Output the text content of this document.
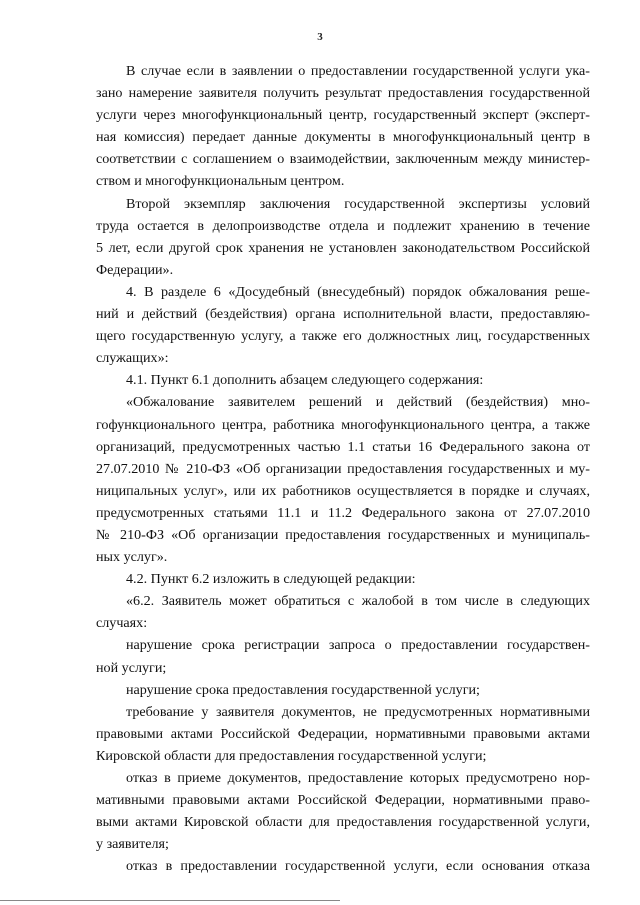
3
В случае если в заявлении о предоставлении государственной услуги ука-
зано намерение заявителя получить результат предоставления государственной
услуги через многофункциональный центр, государственный эксперт (эксперт-
ная комиссия) передает данные документы в многофункциональный центр в
соответствии с соглашением о взаимодействии, заключенным между министер-
ством и многофункциональным центром.
Второй экземпляр заключения государственной экспертизы условий
труда остается в делопроизводстве отдела и подлежит хранению в течение
5 лет, если другой срок хранения не установлен законодательством Российской
Федерации».
4. В разделе 6 «Досудебный (внесудебный) порядок обжалования реше-
ний и действий (бездействия) органа исполнительной власти, предоставляю-
щего государственную услугу, а также его должностных лиц, государственных
служащих»:
4.1. Пункт 6.1 дополнить абзацем следующего содержания:
«Обжалование заявителем решений и действий (бездействия) мно-
гофункционального центра, работника многофункционального центра, а также
организаций, предусмотренных частью 1.1 статьи 16 Федерального закона от
27.07.2010 № 210-ФЗ «Об организации предоставления государственных и му-
ниципальных услуг», или их работников осуществляется в порядке и случаях,
предусмотренных статьями 11.1 и 11.2 Федерального закона от 27.07.2010
№ 210-ФЗ «Об организации предоставления государственных и муниципаль-
ных услуг».
4.2. Пункт 6.2 изложить в следующей редакции:
«6.2. Заявитель может обратиться с жалобой в том числе в следующих
случаях:
нарушение срока регистрации запроса о предоставлении государствен-
ной услуги;
нарушение срока предоставления государственной услуги;
требование у заявителя документов, не предусмотренных нормативными
правовыми актами Российской Федерации, нормативными правовыми актами
Кировской области для предоставления государственной услуги;
отказ в приеме документов, предоставление которых предусмотрено нор-
мативными правовыми актами Российской Федерации, нормативными право-
выми актами Кировской области для предоставления государственной услуги,
у заявителя;
отказ в предоставлении государственной услуги, если основания отказа
